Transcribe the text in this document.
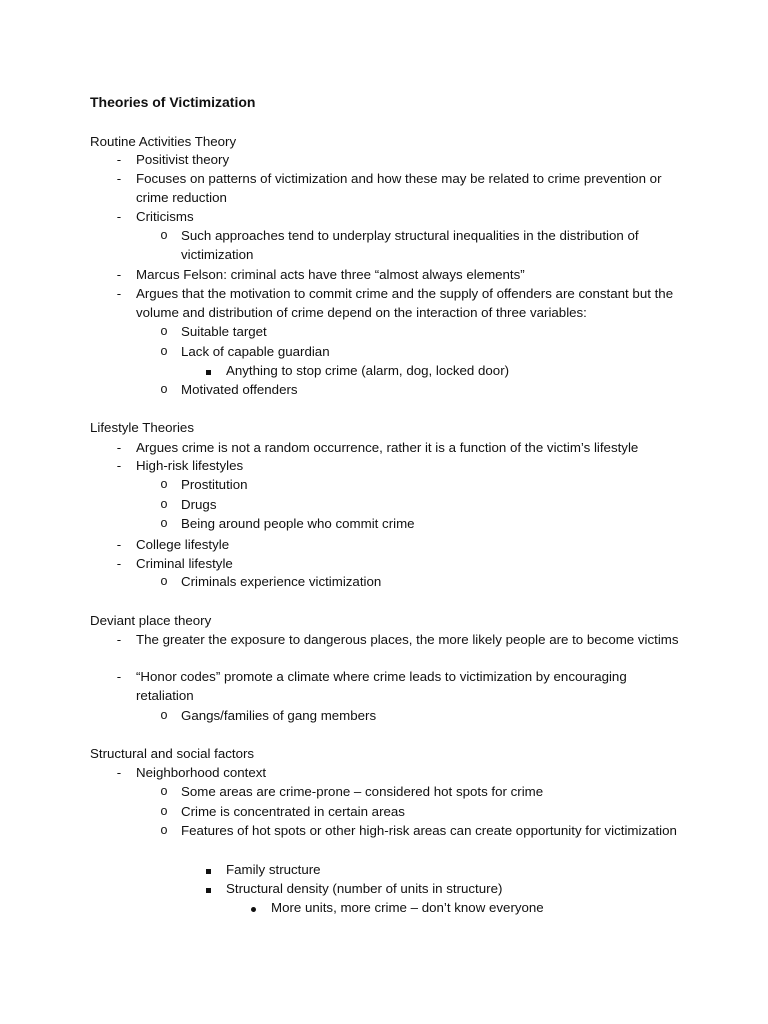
Theories of Victimization
Routine Activities Theory
-	Positivist theory
-	Focuses on patterns of victimization and how these may be related to crime prevention or crime reduction
-	Criticisms
o Such approaches tend to underplay structural inequalities in the distribution of victimization
-	Marcus Felson: criminal acts have three “almost always elements”
-	Argues that the motivation to commit crime and the supply of offenders are constant but the volume and distribution of crime depend on the interaction of three variables:
o Suitable target
o Lack of capable guardian
Anything to stop crime (alarm, dog, locked door)
o Motivated offenders
Lifestyle Theories
-	Argues crime is not a random occurrence, rather it is a function of the victim’s lifestyle
-	High-risk lifestyles
o Prostitution
o Drugs
o Being around people who commit crime
-	College lifestyle
-	Criminal lifestyle
o Criminals experience victimization
Deviant place theory
-	The greater the exposure to dangerous places, the more likely people are to become victims
-	“Honor codes” promote a climate where crime leads to victimization by encouraging retaliation
o Gangs/families of gang members
Structural and social factors
-	Neighborhood context
o Some areas are crime-prone – considered hot spots for crime
o Crime is concentrated in certain areas
o Features of hot spots or other high-risk areas can create opportunity for victimization
Family structure
Structural density (number of units in structure)
More units, more crime – don’t know everyone
